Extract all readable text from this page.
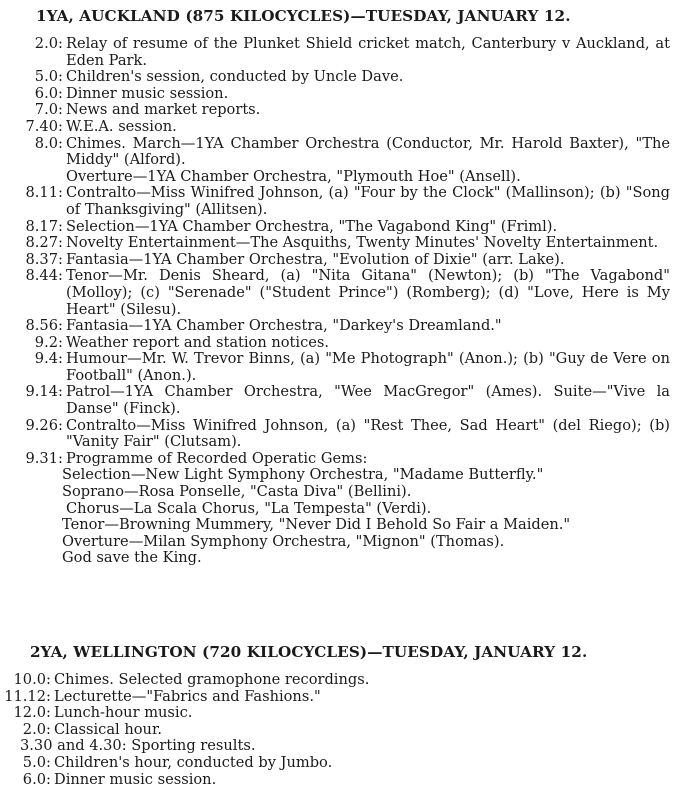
1YA, AUCKLAND (875 KILOCYCLES)—TUESDAY, JANUARY 12.
2.0 : Relay of resume of the Plunket Shield cricket match, Canterbury v Auckland, at Eden Park.
5.0 : Children's session, conducted by Uncle Dave.
6.0 : Dinner music session.
7.0 : News and market reports.
7.40 : W.E.A. session.
8.0 : Chimes. March—1YA Chamber Orchestra (Conductor, Mr. Harold Baxter), "The Middy" (Alford).
Overture—1YA Chamber Orchestra, "Plymouth Hoe" (Ansell).
8.11 : Contralto—Miss Winifred Johnson, (a) "Four by the Clock" (Mallinson); (b) "Song of Thanksgiving" (Allitsen).
8.17 : Selection—1YA Chamber Orchestra, "The Vagabond King" (Friml).
8.27 : Novelty Entertainment—The Asquiths, Twenty Minutes' Novelty Entertainment.
8.37 : Fantasia—1YA Chamber Orchestra, "Evolution of Dixie" (arr. Lake).
8.44 : Tenor—Mr. Denis Sheard, (a) "Nita Gitana" (Newton); (b) "The Vagabond" (Molloy); (c) "Serenade" ("Student Prince") (Romberg); (d) "Love, Here is My Heart" (Silesu).
8.56 : Fantasia—1YA Chamber Orchestra, "Darkey's Dreamland."
9.2 : Weather report and station notices.
9.4 : Humour—Mr. W. Trevor Binns, (a) "Me Photograph" (Anon.); (b) "Guy de Vere on Football" (Anon.).
9.14 : Patrol—1YA Chamber Orchestra, "Wee MacGregor" (Ames). Suite—"Vive la Danse" (Finck).
9.26 : Contralto—Miss Winifred Johnson, (a) "Rest Thee, Sad Heart" (del Riego); (b) "Vanity Fair" (Clutsam).
9.31 : Programme of Recorded Operatic Gems:
Selection—New Light Symphony Orchestra, "Madame Butterfly."
Soprano—Rosa Ponselle, "Casta Diva" (Bellini).
Chorus—La Scala Chorus, "La Tempesta" (Verdi).
Tenor—Browning Mummery, "Never Did I Behold So Fair a Maiden."
Overture—Milan Symphony Orchestra, "Mignon" (Thomas).
God save the King.
2YA, WELLINGTON (720 KILOCYCLES)—TUESDAY, JANUARY 12.
10.0 : Chimes. Selected gramophone recordings.
11.12 : Lecturette—"Fabrics and Fashions."
12.0 : Lunch-hour music.
2.0 : Classical hour.
3.30 and 4.30: Sporting results.
5.0 : Children's hour, conducted by Jumbo.
6.0 : Dinner music session.
